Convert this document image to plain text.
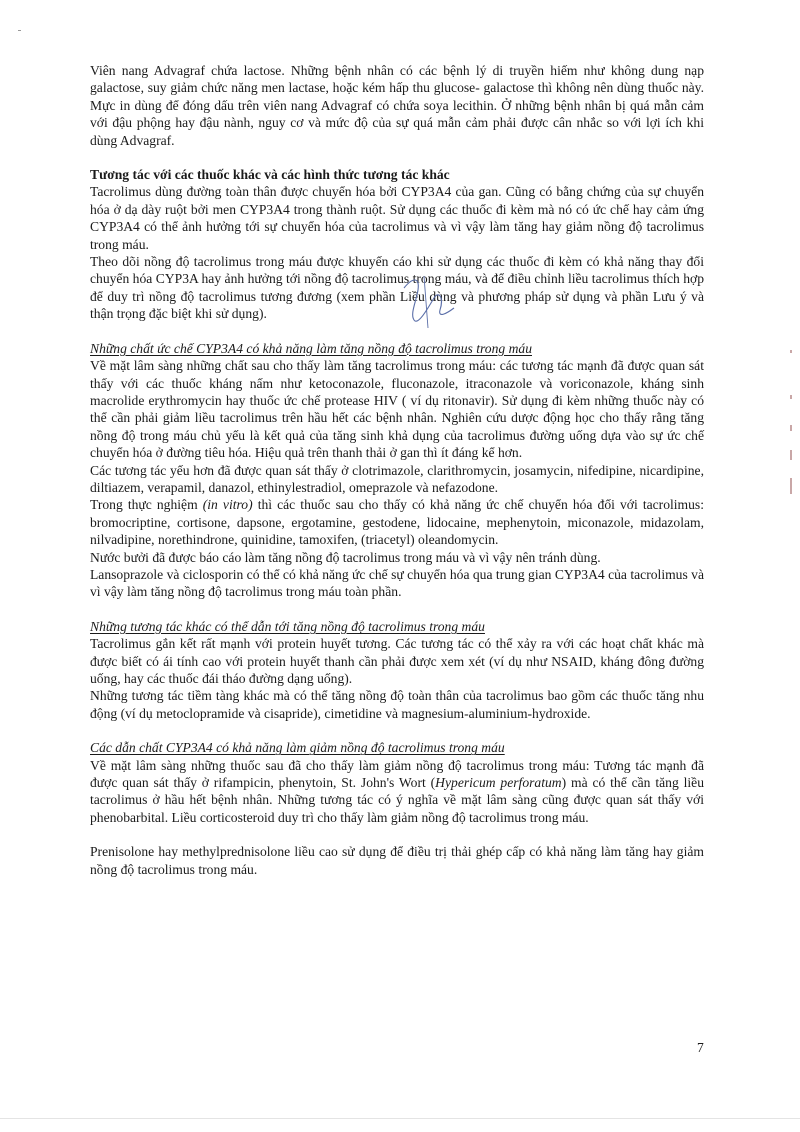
Viên nang Advagraf chứa lactose. Những bệnh nhân có các bệnh lý di truyền hiếm như không dung nạp galactose, suy giảm chức năng men lactase, hoặc kém hấp thu glucose- galactose thì không nên dùng thuốc này. Mực in dùng để đóng dấu trên viên nang Advagraf có chứa soya lecithin. Ở những bệnh nhân bị quá mẫn cảm với đậu phộng hay đậu nành, nguy cơ và mức độ của sự quá mẫn cảm phải được cân nhắc so với lợi ích khi dùng Advagraf.

Tương tác với các thuốc khác và các hình thức tương tác khác

Tacrolimus dùng đường toàn thân được chuyển hóa bởi CYP3A4 của gan. Cũng có bằng chứng của sự chuyển hóa ở dạ dày ruột bởi men CYP3A4 trong thành ruột. Sử dụng các thuốc đi kèm mà nó có ức chế hay cảm ứng CYP3A4 có thể ảnh hưởng tới sự chuyển hóa của tacrolimus và vì vậy làm tăng hay giảm nồng độ tacrolimus trong máu.

Theo dõi nồng độ tacrolimus trong máu được khuyến cáo khi sử dụng các thuốc đi kèm có khả năng thay đổi chuyển hóa CYP3A hay ảnh hưởng tới nồng độ tacrolimus trong máu, và để điều chỉnh liều tacrolimus thích hợp để duy trì nồng độ tacrolimus tương đương (xem phần Liều dùng và phương pháp sử dụng và phần Lưu ý và thận trọng đặc biệt khi sử dụng).

Những chất ức chế CYP3A4 có khả năng làm tăng nồng độ tacrolimus trong máu

Về mặt lâm sàng những chất sau cho thấy làm tăng tacrolimus trong máu: các tương tác mạnh đã được quan sát thấy với các thuốc kháng nấm như ketoconazole, fluconazole, itraconazole và voriconazole, kháng sinh macrolide erythromycin hay thuốc ức chế protease HIV ( ví dụ ritonavir). Sử dụng đi kèm những thuốc này có thể cần phải giảm liều tacrolimus trên hầu hết các bệnh nhân. Nghiên cứu dược động học cho thấy rằng tăng nồng độ trong máu chủ yếu là kết quả của tăng sinh khả dụng của tacrolimus đường uống dựa vào sự ức chế chuyển hóa ở đường tiêu hóa. Hiệu quả trên thanh thải ở gan thì ít đáng kể hơn.

Các tương tác yếu hơn đã được quan sát thấy ở clotrimazole, clarithromycin, josamycin, nifedipine, nicardipine, diltiazem, verapamil, danazol, ethinylestradiol, omeprazole và nefazodone.

Trong thực nghiệm (in vitro) thì các thuốc sau cho thấy có khả năng ức chế chuyển hóa đối với tacrolimus: bromocriptine, cortisone, dapsone, ergotamine, gestodene, lidocaine, mephenytoin, miconazole, midazolam, nilvadipine, norethindrone, quinidine, tamoxifen, (triacetyl) oleandomycin.

Nước bưởi đã được báo cáo làm tăng nồng độ tacrolimus trong máu và vì vậy nên tránh dùng.

Lansoprazole và ciclosporin có thể có khả năng ức chế sự chuyển hóa qua trung gian CYP3A4 của tacrolimus và vì vậy làm tăng nồng độ tacrolimus trong máu toàn phần.

Những tương tác khác có thể dẫn tới tăng nồng độ tacrolimus trong máu

Tacrolimus gắn kết rất mạnh với protein huyết tương. Các tương tác có thể xảy ra với các hoạt chất khác mà được biết có ái tính cao với protein huyết thanh cần phải được xem xét (ví dụ như NSAID, kháng đông đường uống, hay các thuốc đái tháo đường dạng uống).

Những tương tác tiềm tàng khác mà có thể tăng nồng độ toàn thân của tacrolimus bao gồm các thuốc tăng nhu động (ví dụ metoclopramide và cisapride), cimetidine và magnesium-aluminium-hydroxide.

Các dẫn chất CYP3A4 có khả năng làm giảm nồng độ tacrolimus trong máu

Về mặt lâm sàng những thuốc sau đã cho thấy làm giảm nồng độ tacrolimus trong máu: Tương tác mạnh đã được quan sát thấy ở rifampicin, phenytoin, St. John's Wort (Hypericum perforatum) mà có thể cần tăng liều tacrolimus ở hầu hết bệnh nhân. Những tương tác có ý nghĩa về mặt lâm sàng cũng được quan sát thấy với phenobarbital. Liều corticosteroid duy trì cho thấy làm giảm nồng độ tacrolimus trong máu.

Prenisolone hay methylprednisolone liều cao sử dụng để điều trị thải ghép cấp có khả năng làm tăng hay giảm nồng độ tacrolimus trong máu.

7
